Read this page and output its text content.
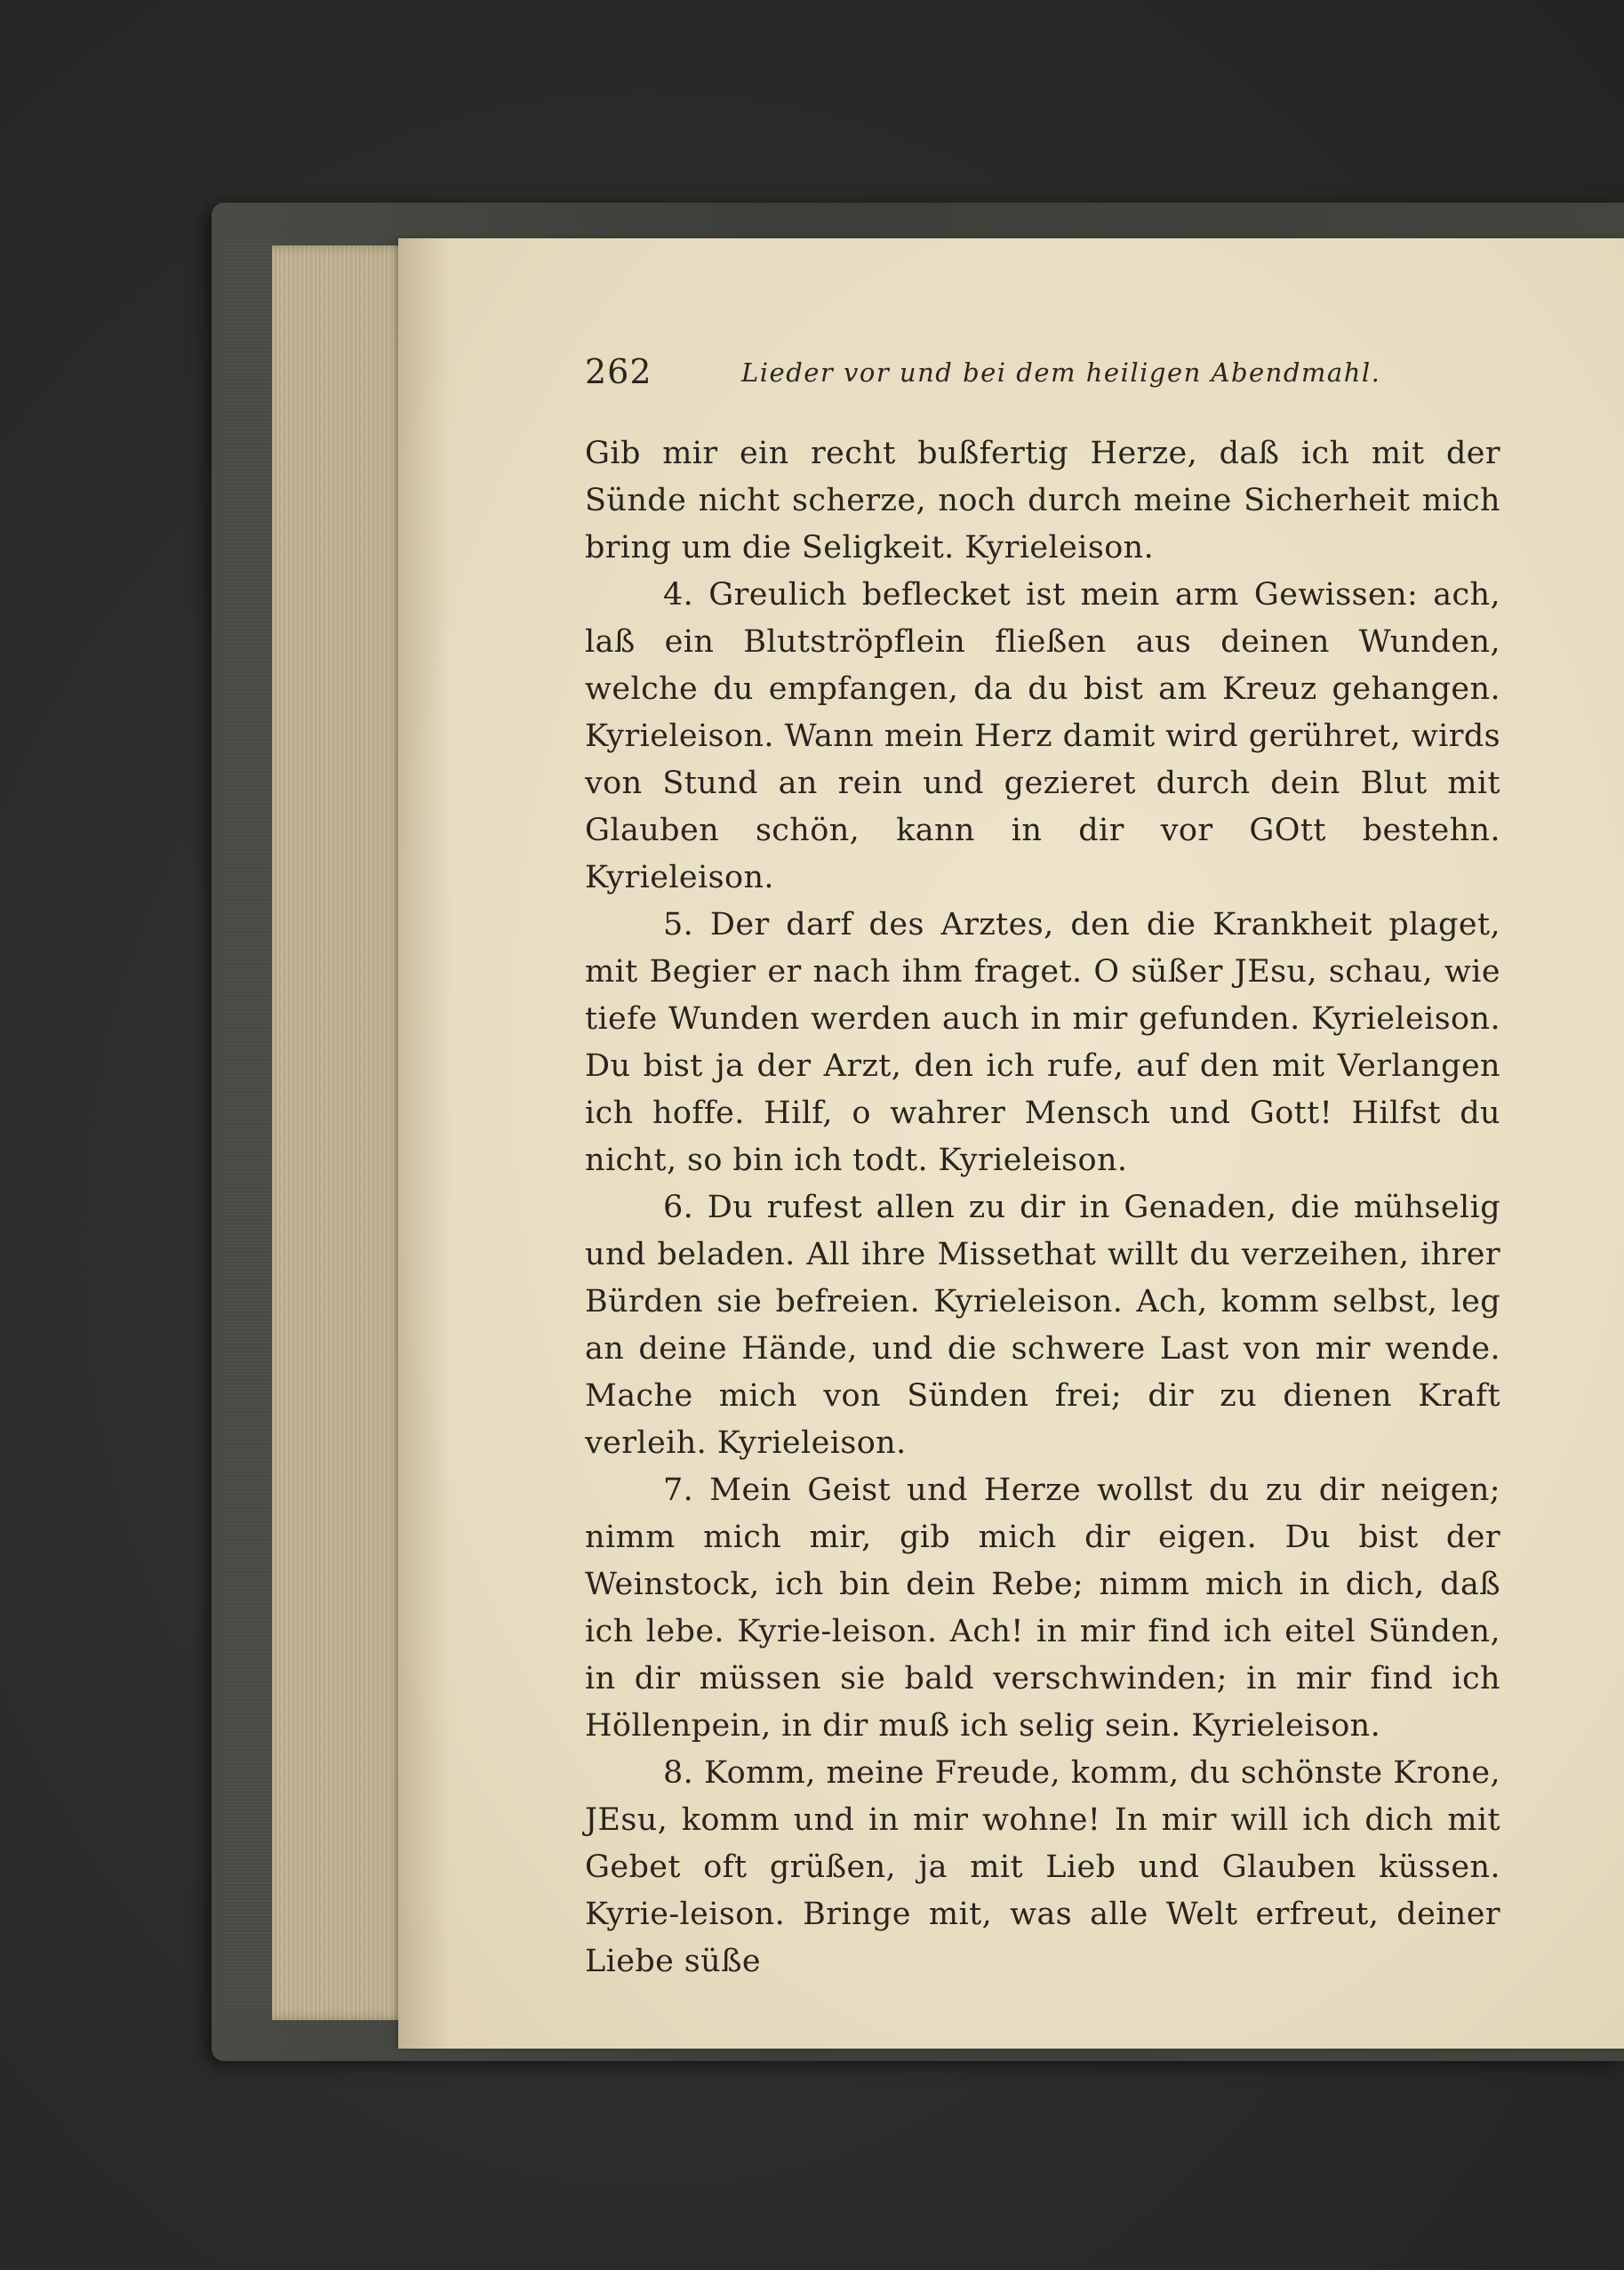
262	Lieder vor und bei dem heiligen Abendmahl.

Gib mir ein recht bußfertig Herze, daß ich mit der Sünde nicht scherze, noch durch meine Sicherheit mich bring um die Seligkeit. Kyrieleison.

4. Greulich beflecket ist mein arm Gewissen: ach, laß ein Blutströpflein fließen aus deinen Wunden, welche du empfangen, da du bist am Kreuz gehangen. Kyrieleison. Wann mein Herz damit wird gerühret, wirds von Stund an rein und gezieret durch dein Blut mit Glauben schön, kann in dir vor GOtt bestehn. Kyrieleison.

5. Der darf des Arztes, den die Krankheit plaget, mit Begier er nach ihm fraget. O süßer JEsu, schau, wie tiefe Wunden werden auch in mir gefunden. Kyrieleison. Du bist ja der Arzt, den ich rufe, auf den mit Verlangen ich hoffe. Hilf, o wahrer Mensch und Gott! Hilfst du nicht, so bin ich todt. Kyrieleison.

6. Du rufest allen zu dir in Genaden, die mühselig und beladen. All ihre Missethat willt du verzeihen, ihrer Bürden sie befreien. Kyrieleison. Ach, komm selbst, leg an deine Hände, und die schwere Last von mir wende. Mache mich von Sünden frei; dir zu dienen Kraft verleih. Kyrieleison.

7. Mein Geist und Herze wollst du zu dir neigen; nimm mich mir, gib mich dir eigen. Du bist der Weinstock, ich bin dein Rebe; nimm mich in dich, daß ich lebe. Kyrie-leison. Ach! in mir find ich eitel Sünden, in dir müssen sie bald verschwinden; in mir find ich Höllenpein, in dir muß ich selig sein. Kyrieleison.

8. Komm, meine Freude, komm, du schönste Krone, JEsu, komm und in mir wohne! In mir will ich dich mit Gebet oft grüßen, ja mit Lieb und Glauben küssen. Kyrie-leison. Bringe mit, was alle Welt erfreut, deiner Liebe süße
